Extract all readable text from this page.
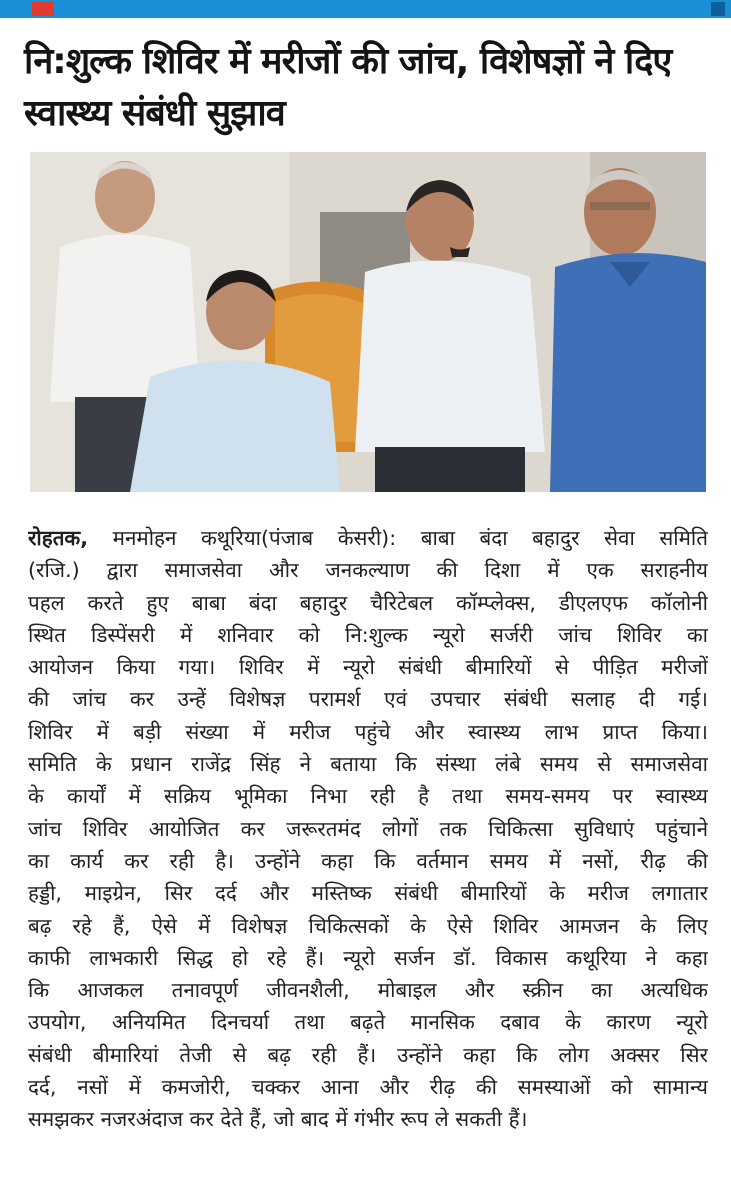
नि:शुल्क शिविर में मरीजों की जांच, विशेषज्ञों ने दिए
स्वास्थ्य संबंधी सुझाव
रोहतक, मनमोहन कथूरिया(पंजाब केसरी): बाबा बंदा बहादुर सेवा समिति
(रजि.) द्वारा समाजसेवा और जनकल्याण की दिशा में एक सराहनीय
पहल करते हुए बाबा बंदा बहादुर चैरिटेबल कॉम्प्लेक्स, डीएलएफ कॉलोनी
स्थित डिस्पेंसरी में शनिवार को नि:शुल्क न्यूरो सर्जरी जांच शिविर का
आयोजन किया गया। शिविर में न्यूरो संबंधी बीमारियों से पीड़ित मरीजों
की जांच कर उन्हें विशेषज्ञ परामर्श एवं उपचार संबंधी सलाह दी गई।
शिविर में बड़ी संख्या में मरीज पहुंचे और स्वास्थ्य लाभ प्राप्त किया।
समिति के प्रधान राजेंद्र सिंह ने बताया कि संस्था लंबे समय से समाजसेवा
के कार्यों में सक्रिय भूमिका निभा रही है तथा समय-समय पर स्वास्थ्य
जांच शिविर आयोजित कर जरूरतमंद लोगों तक चिकित्सा सुविधाएं पहुंचाने
का कार्य कर रही है। उन्होंने कहा कि वर्तमान समय में नसों, रीढ़ की
हड्डी, माइग्रेन, सिर दर्द और मस्तिष्क संबंधी बीमारियों के मरीज लगातार
बढ़ रहे हैं, ऐसे में विशेषज्ञ चिकित्सकों के ऐसे शिविर आमजन के लिए
काफी लाभकारी सिद्ध हो रहे हैं। न्यूरो सर्जन डॉ. विकास कथूरिया ने कहा
कि आजकल तनावपूर्ण जीवनशैली, मोबाइल और स्क्रीन का अत्यधिक
उपयोग, अनियमित दिनचर्या तथा बढ़ते मानसिक दबाव के कारण न्यूरो
संबंधी बीमारियां तेजी से बढ़ रही हैं। उन्होंने कहा कि लोग अक्सर सिर
दर्द, नसों में कमजोरी, चक्कर आना और रीढ़ की समस्याओं को सामान्य
समझकर नजरअंदाज कर देते हैं, जो बाद में गंभीर रूप ले सकती हैं।
